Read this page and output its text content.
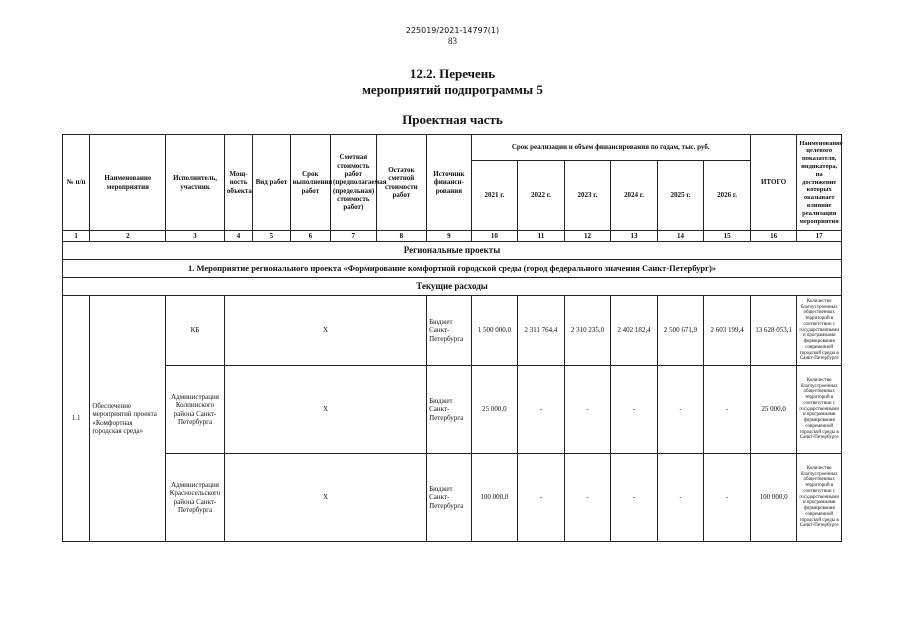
225019/2021-14797(1)
83
12.2. Перечень
мероприятий подпрограммы 5
Проектная часть
№ п/п	Наименование мероприятия	Исполнитель, участник	Мощ-ность объекта	Вид работ	Срок выполнения работ	Сметная стоимость работ (предполагаемая (предельная) стоимость работ)	Остаток сметной стоимости работ	Источник финанси-рования	Срок реализации и объем финансирования по годам, тыс. руб.						ИТОГО	Наименование целевого показателя, индикатора, на достижение которых оказывает влияние реализация мероприятия
									2021 г.	2022 г.	2023 г.	2024 г.	2025 г.	2026 г.		
1	2	3	4	5	6	7	8	9	10	11	12	13	14	15	16	17
Региональные проекты																
1. Мероприятие регионального проекта «Формирование комфортной городской среды (город федерального значения Санкт-Петербург)»																
Текущие расходы																
1.1	Обеспечение мероприятий проекта «Комфортная городская среда»	КБ	Х					Бюджет Санкт-Петербурга	1 500 000,0	2 311 764,4	2 310 235,0	2 402 182,4	2 500 671,9	2 603 199,4	13 628 053,1	Количество благоустроенных общественных территорий в соответствии с государственными и программами формирования современной городской среды в Санкт-Петербурге
		Администрация Колпинского района Санкт-Петербурга	Х					Бюджет Санкт-Петербурга	25 000,0	-	-	-	-	-	25 000,0	Количество благоустроенных общественных территорий в соответствии с государственными и программами формирования современной городской среды в Санкт-Петербурге
		Администрация Красносельского района Санкт-Петербурга	Х					Бюджет Санкт-Петербурга	100 000,0	-	-	-	-	-	100 000,0	Количество благоустроенных общественных территорий в соответствии с государственными и программами формирования современной городской среды в Санкт-Петербурге
